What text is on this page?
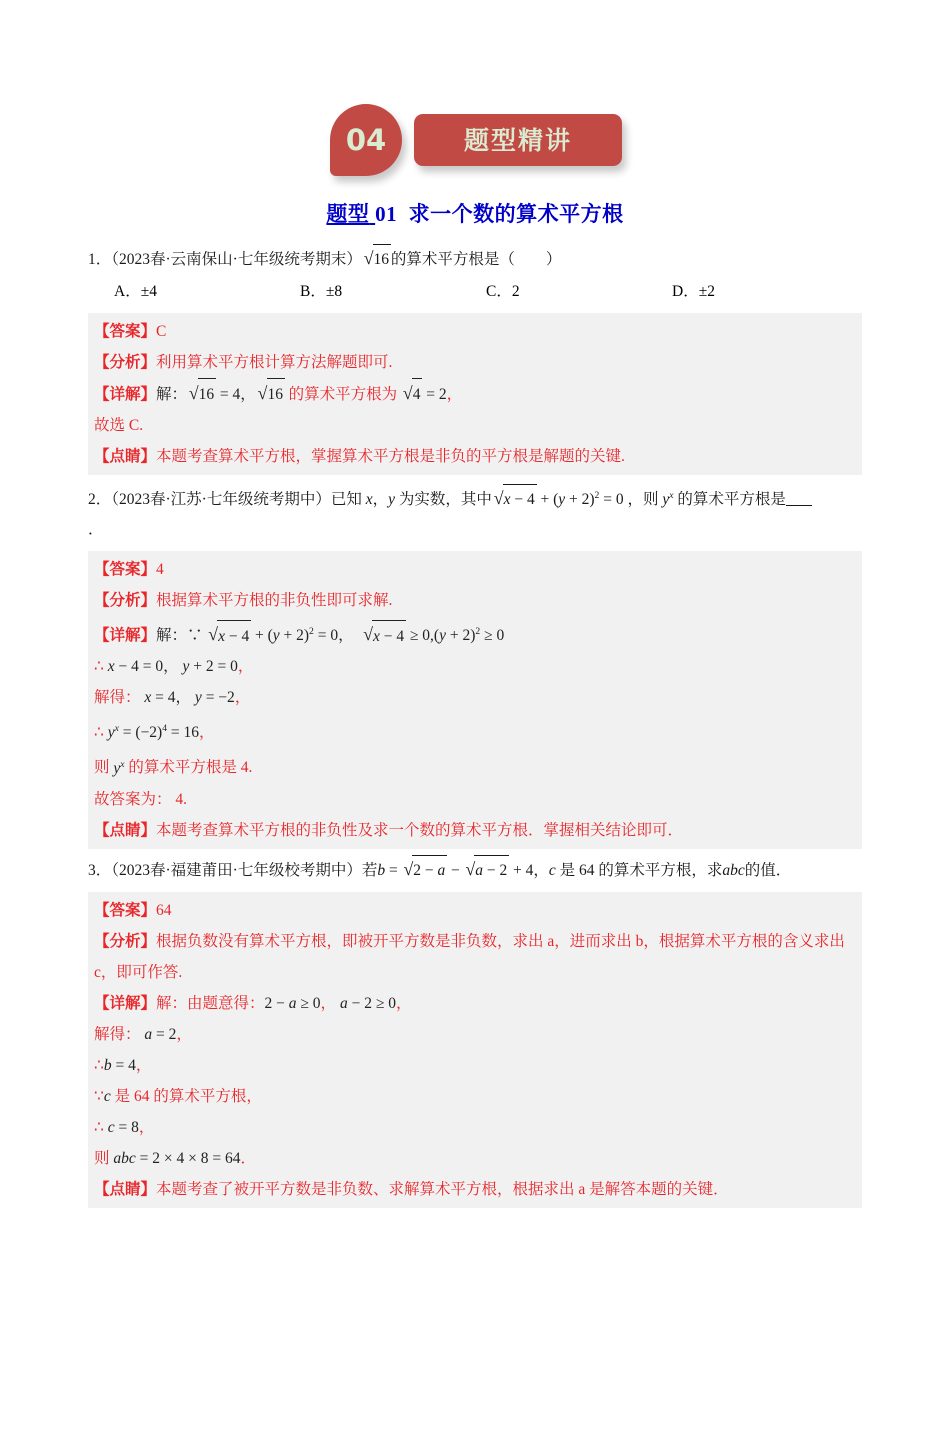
04	题型精讲
题型 01 求一个数的算术平方根
1．（2023春·云南保山·七年级统考期末） √16 的算术平方根是（　　）
A．±4	B．±8	C．2	D．±2
【答案】C
【分析】利用算术平方根计算方法解题即可.
【详解】解： √16 = 4， √16 的算术平方根为 √4 = 2，
故选 C.
【点睛】本题考查算术平方根，掌握算术平方根是非负的平方根是解题的关键.
2．（2023春·江苏·七年级统考期中）已知 x，y 为实数，其中 $√x - 4 + (y + 2)^2 = 0$ ，则 $y^x$ 的算术平方根是
．
【答案】4
【分析】根据算术平方根的非负性即可求解.
【详解】解：∵ $√x - 4 + (y + 2)^2 = 0$，  $√x - 4 \ge 0,(y + 2)^2 \ge 0$
∴ x − 4 = 0， y + 2 = 0，
解得： x = 4， y = −2，
∴ $y^x = (-2)^4 = 16$，
则 $y^x$ 的算术平方根是 4.
故答案为： 4.
【点睛】本题考查算术平方根的非负性及求一个数的算术平方根．掌握相关结论即可．
3．（2023春·福建莆田·七年级校考期中）若b = √2 − a − √a − 2 + 4，c 是 64 的算术平方根，求abc的值．
【答案】64
【分析】根据负数没有算术平方根，即被开平方数是非负数，求出 a，进而求出 b，根据算术平方根的含义求出 c，即可作答.
【详解】解：由题意得：2 − a ≥ 0， a − 2 ≥ 0，
解得： a = 2，
∴b = 4，
∵c 是 64 的算术平方根，
∴ c = 8，
则 abc = 2 × 4 × 8 = 64．
【点睛】本题考查了被开平方数是非负数、求解算术平方根，根据求出 a 是解答本题的关键．
